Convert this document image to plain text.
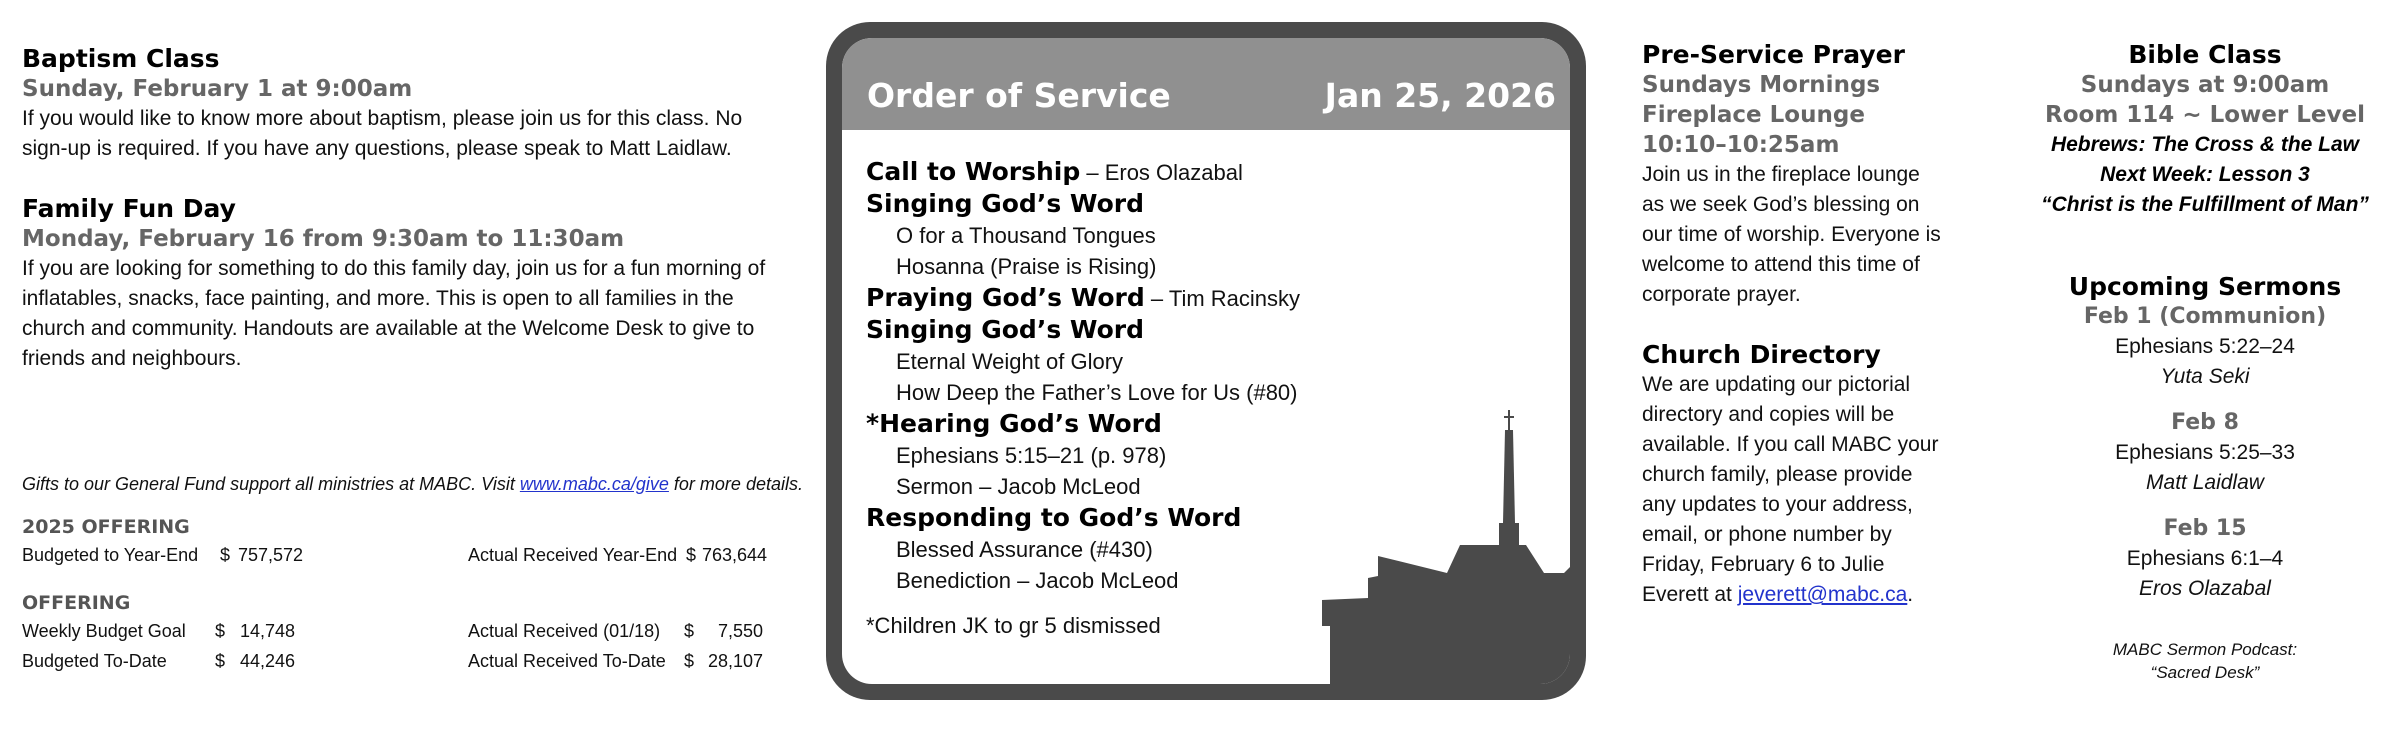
Baptism Class
Sunday, February 1 at 9:00am
If you would like to know more about baptism, please join us for this class. No sign-up is required. If you have any questions, please speak to Matt Laidlaw.
Family Fun Day
Monday, February 16 from 9:30am to 11:30am
If you are looking for something to do this family day, join us for a fun morning of inflatables, snacks, face painting, and more. This is open to all families in the church and community. Handouts are available at the Welcome Desk to give to friends and neighbours.
Gifts to our General Fund support all ministries at MABC. Visit www.mabc.ca/give for more details.
2025 OFFERING
Budgeted to Year-End $ 757,572	Actual Received Year-End $ 763,644
OFFERING
Weekly Budget Goal $ 14,748	Actual Received (01/18) $ 7,550
Budgeted To-Date	$ 44,246	Actual Received To-Date $ 28,107
Order of Service	Jan 25, 2026
Call to Worship – Eros Olazabal
Singing God’s Word
O for a Thousand Tongues
Hosanna (Praise is Rising)
Praying God’s Word – Tim Racinsky
Singing God’s Word
Eternal Weight of Glory
How Deep the Father’s Love for Us (#80)
*Hearing God’s Word
Ephesians 5:15–21 (p. 978)
Sermon – Jacob McLeod
Responding to God’s Word
Blessed Assurance (#430)
Benediction – Jacob McLeod
*Children JK to gr 5 dismissed
Pre-Service Prayer
Sundays Mornings
Fireplace Lounge
10:10–10:25am
Join us in the fireplace lounge as we seek God’s blessing on our time of worship. Everyone is welcome to attend this time of corporate prayer.
Church Directory
We are updating our pictorial directory and copies will be available. If you call MABC your church family, please provide any updates to your address, email, or phone number by Friday, February 6 to Julie Everett at jeverett@mabc.ca.
Bible Class
Sundays at 9:00am
Room 114 ~ Lower Level
Hebrews: The Cross & the Law
Next Week: Lesson 3
“Christ is the Fulfillment of Man”
Upcoming Sermons
Feb 1 (Communion)
Ephesians 5:22–24
Yuta Seki
Feb 8
Ephesians 5:25–33
Matt Laidlaw
Feb 15
Ephesians 6:1–4
Eros Olazabal
MABC Sermon Podcast:
“Sacred Desk”
